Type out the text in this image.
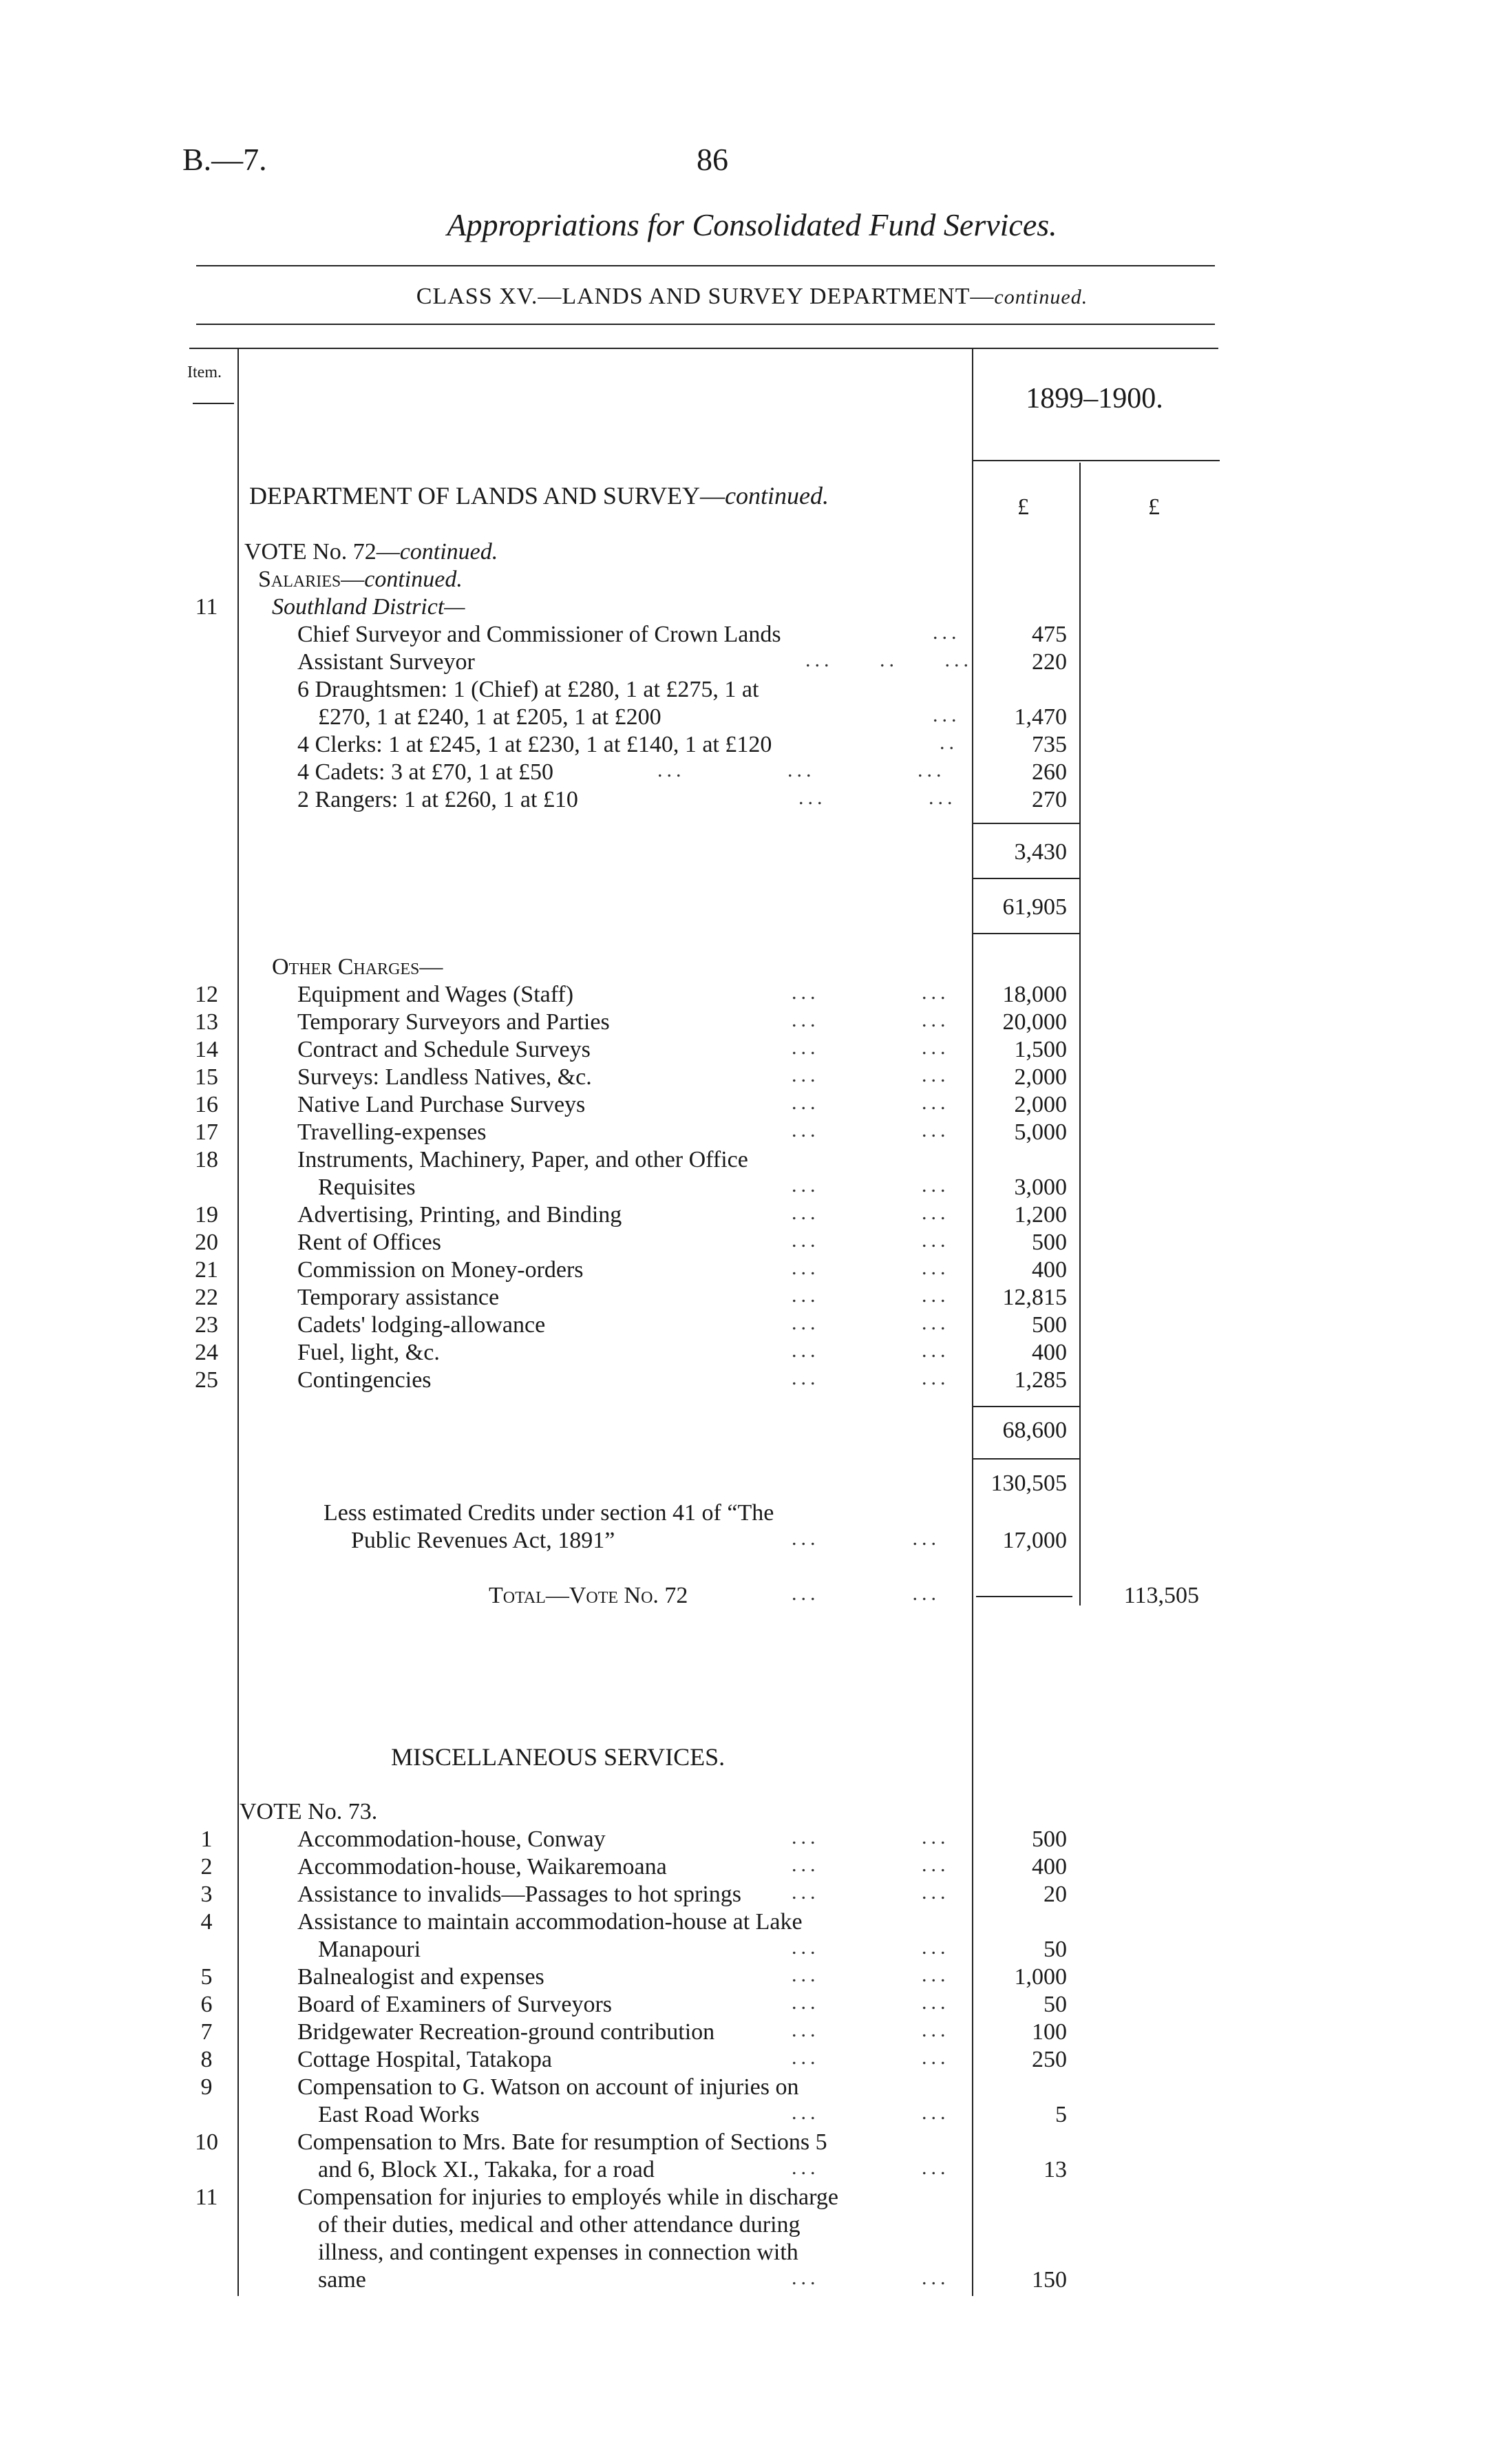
B.—7.	86
Appropriations for Consolidated Fund Services.
CLASS XV.—LANDS AND SURVEY DEPARTMENT—continued.
Item.
1899–1900.
£	£
DEPARTMENT OF LANDS AND SURVEY—continued.
VOTE No. 72—continued.
Salaries—continued.
11	Southland District—
Chief Surveyor and Commissioner of Crown Lands	...	475
Assistant Surveyor	...     ..     ...	220
6 Draughtsmen: 1 (Chief) at £280, 1 at £275, 1 at
£270, 1 at £240, 1 at £205, 1 at £200	...	1,470
4 Clerks: 1 at £245, 1 at £230, 1 at £140, 1 at £120	..	735
4 Cadets: 3 at £70, 1 at £50	...           ...           ...	260
2 Rangers: 1 at £260, 1 at £10	...           ...	270
3,430
61,905
Other Charges—
12	Equipment and Wages (Staff)	...           ...	18,000
13	Temporary Surveyors and Parties	...           ...	20,000
14	Contract and Schedule Surveys	...           ...	1,500
15	Surveys: Landless Natives, &c.	...           ...	2,000
16	Native Land Purchase Surveys	...           ...	2,000
17	Travelling-expenses	...           ...	5,000
18	Instruments, Machinery, Paper, and other Office
Requisites	...           ...	3,000
19	Advertising, Printing, and Binding	...           ...	1,200
20	Rent of Offices	...           ...	500
21	Commission on Money-orders	...           ...	400
22	Temporary assistance	...           ...	12,815
23	Cadets' lodging-allowance	...           ...	500
24	Fuel, light, &c.	...           ...	400
25	Contingencies	...           ...	1,285
68,600
130,505
Less estimated Credits under section 41 of “The
Public Revenues Act, 1891”	...          ...	17,000
Total—Vote No. 72	...          ...	113,505
MISCELLANEOUS SERVICES.
VOTE No. 73.
1	Accommodation-house, Conway	...           ...	500
2	Accommodation-house, Waikaremoana	...           ...	400
3	Assistance to invalids—Passages to hot springs ...           ...	20
4	Assistance to maintain accommodation-house at Lake
Manapouri	...           ...	50
5	Balnealogist and expenses	...           ...	1,000
6	Board of Examiners of Surveyors	...           ...	50
7	Bridgewater Recreation-ground contribution	...           ...	100
8	Cottage Hospital, Tatakopa	...           ...	250
9	Compensation to G. Watson on account of injuries on
East Road Works	...           ...	5
10	Compensation to Mrs. Bate for resumption of Sections 5
and 6, Block XI., Takaka, for a road	...           ...	13
11	Compensation for injuries to employés while in discharge
of their duties, medical and other attendance during
illness, and contingent expenses in connection with
same	...           ...	150
